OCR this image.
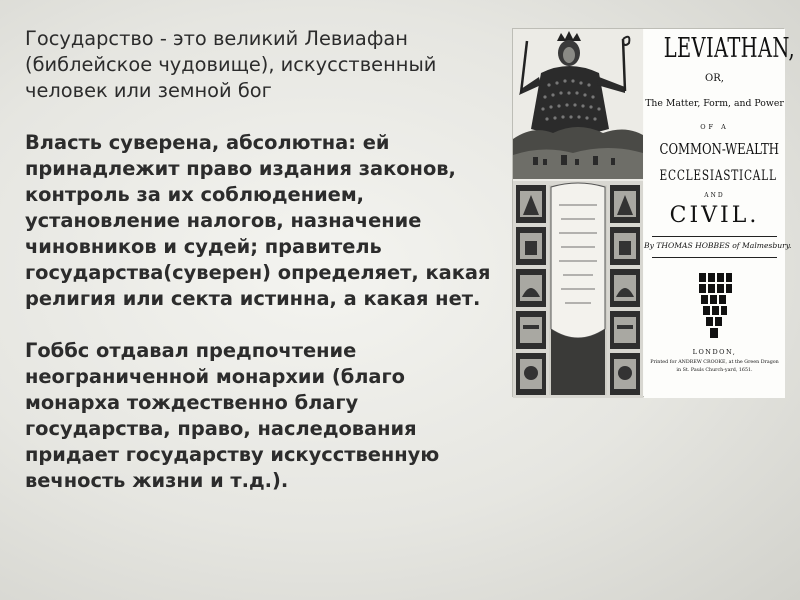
Государство - это великий Левиафан (библейское чудовище), искусственный человек или земной бог

Власть суверена, абсолютна: ей принадлежит право издания законов, контроль за их соблюдением, установление налогов, назначение чиновников и судей; правитель государства(суверен) определяет, какая религия или секта истинна, а какая нет.

Гоббс отдавал предпочтение неограниченной монархии (благо монарха тождественно благу государства, право, наследования придает государству искусственную вечность жизни и т.д.).

LEVIATHAN,
OR,
The Matter, Form, and Power
OF A
COMMON-WEALTH
ECCLESIASTICALL
AND
CIVIL.
By THOMAS HOBBES of Malmesbury.
LONDON,
Printed for ANDREW CROOKE, at the Green Dragon
in St. Pauls Church-yard, 1651.
